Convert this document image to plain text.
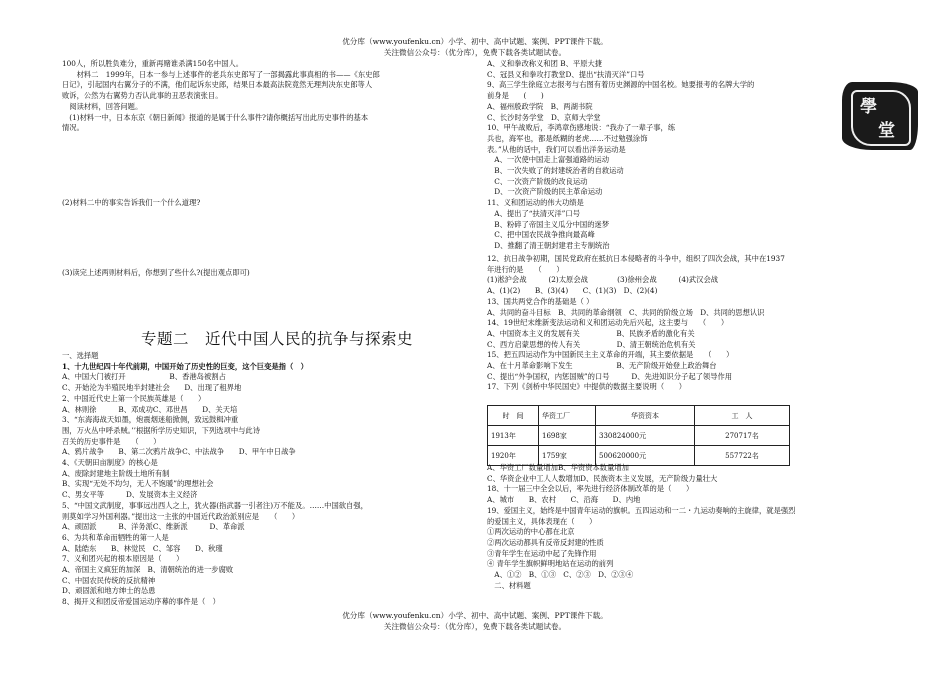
优分库（www.youfenku.cn）小学、初中、高中试题、案例、PPT课件下载。
关注微信公众号：（优分库），免费下载各类试题试卷。
100人，所以胜负难分，重新再赌谁杀满150名中国人。
　　材料二　1999年，日本一参与上述事件的老兵东史郎写了一部揭露此事真相的书——《东史郎
日记》，引起国内右翼分子的不满，他们起诉东史郎，结果日本最高法院竟然无理判决东史郎等人
败诉，公然为右翼势力否认此事的丑恶表演张目。
　阅读材料，回答问题。
　(1)材料一中，日本东京《朝日新闻》报道的是属于什么事件?请你概括写出此历史事件的基本
情况。
(2)材料二中的事实告诉我们一个什么道理?
(3)读完上述两则材料后，你想到了些什么?(提出观点即可)
专题二　近代中国人民的抗争与探索史
一、选择题
1、十九世纪四十年代前期，中国开始了历史性的巨变，这个巨变是指（　）
A、中国大门被打开　　　　　　B、香港岛被割占
C、开始沦为半殖民地半封建社会　　D、出现了租界地
2、中国近代史上第一个民族英雄是（　　）
A、林则徐　　　B、邓成功C、邓世昌　　D、关天培
3、“东海海战天如墨，炮震烟迷船掀侧，致远鼓楫冲重
围，万火丛中呼杀贼。’’根据所学历史知识，下列选项中与此诗
召关的历史事件是　　（　　）
A、鸦片战争　　B、第二次鸦片战争C、中法战争　　D、甲午中日战争
4、《天朝田亩制度》的核心是
A、废除封建地主阶级土地所有制
B、实现“无处不均匀，无人不饱暖”的理想社会
C、男女平等　　　D、发展资本主义经济
5、“中国文武制度，事事远出西人之上，犹火器(指武器一引者注)万不能及。……中国欲自强，
则莫如学习外国利器。”提出这一主张的中国近代政治派别应是　　（　　）
A、顽固派　　　B、洋务派C、维新派　　　D、革命派
6、为共和革命而牺牲的第一人是
A、陆皓东　　B、林觉民　C、邹容　　D、秋瑾
7、义和团兴起的根本原因是（　　）
A、帝国主义疯狂的加深　B、清朝统治的进一步腐败
C、中国农民传统的反抗精神
D、顽固派和地方绅士的怂恿
8、揭开义和团反帝爱国运动序幕的事件是（　）
A、义和拳改称义和团 B、平原大捷
C、冠县义和拳攻打教堂D、提出“扶清灭洋”口号
9、高三学生徐庭立志报考与右图有着历史渊源的中国名校。她要报考的名牌大学的
前身是　　(　　)
A、福州殷政学院　B、两湖书院
C、长沙时务学堂　D、京师大学堂
10、甲午战败后，李鸿章伤感地说：“我办了一辈子事，练
兵也，海军也，都是纸糊的老虎……不过勉强涂饰
表。”从他的话中，我们可以看出洋务运动是
　A、一次使中国走上富强道路的运动
　B、一次失败了的封建统治者的自救运动
　C、一次资产阶级的改良运动
　D、一次资产阶级的民主革命运动
11、义和团运动的伟大功绩是
　A、提出了“扶清灭洋”口号
　B、粉碎了帝国主义瓜分中国的迷梦
　C、把中国农民战争推向最高峰
　D、推翻了清王朝封建君主专制统治
學
堂
12、抗日战争初期，国民党政府在抵抗日本侵略者的斗争中，组织了四次会战，其中在1937
年进行的是　　（　　）
(1)淞沪会战　　　(2)太原会战　　　　(3)徐州会战　　　(4)武汉会战
A、(1)(2)　　B、(3)(4)　　C、(1)(3)　D、(2)(4)
13、国共两党合作的基础是（ ）
A、共同的奋斗目标　B、共同的革命纲领　C、共同的阶级立场　D、共同的思想认识
14、19世纪末维新变法运动和义和团运动先后兴起，这主要与　　（　　）
A、中国资本主义的发展有关　　　　　B、民族矛盾的激化有关
C、西方启蒙思想的传人有关　　　　　D、清王朝统治危机有关
15、把五四运动作为中国新民主主义革命的开端，其主要依据是　　（　　）
A、在十月革命影响下发生　　　　　　B、无产阶级开始登上政治舞台
C、提出“外争国权，内惩国贼”的口号　　　D、先进知识分子起了领导作用
17、下列《剑桥中华民国史》中提供的数据主要说明（　　）
时　间	华资工厂	华资资本	工　人
1913年	1698家	330824000元	270717名
1920年	1759家	500620000元	557722名
A、华资工厂数量增加B、华资资本数量增加
C、华资企业中工人人数增加D、民族资本主义发展，无产阶级力量壮大
18、十一届三中全会以后，率先进行经济体制改革的是（　　）
A、城市　　B、农村　　C、沿海　　D、内地
19、爱国主义，始终是中国青年运动的旗帜。五四运动和一二・九运动奏响的主旋律，就是强烈
的爱国主义，具体表现在（　　）
①两次运动的中心都在北京
②两次运动都具有反帝反封建的性质
③青年学生在运动中起了先锋作用
④ 青年学生旗帜鲜明地站在运动的前列
　A、①②　B、①③　C、②③　D、②③④
　二、材料题
优分库（www.youfenku.cn）小学、初中、高中试题、案例、PPT课件下载。
关注微信公众号：（优分库），免费下载各类试题试卷。
